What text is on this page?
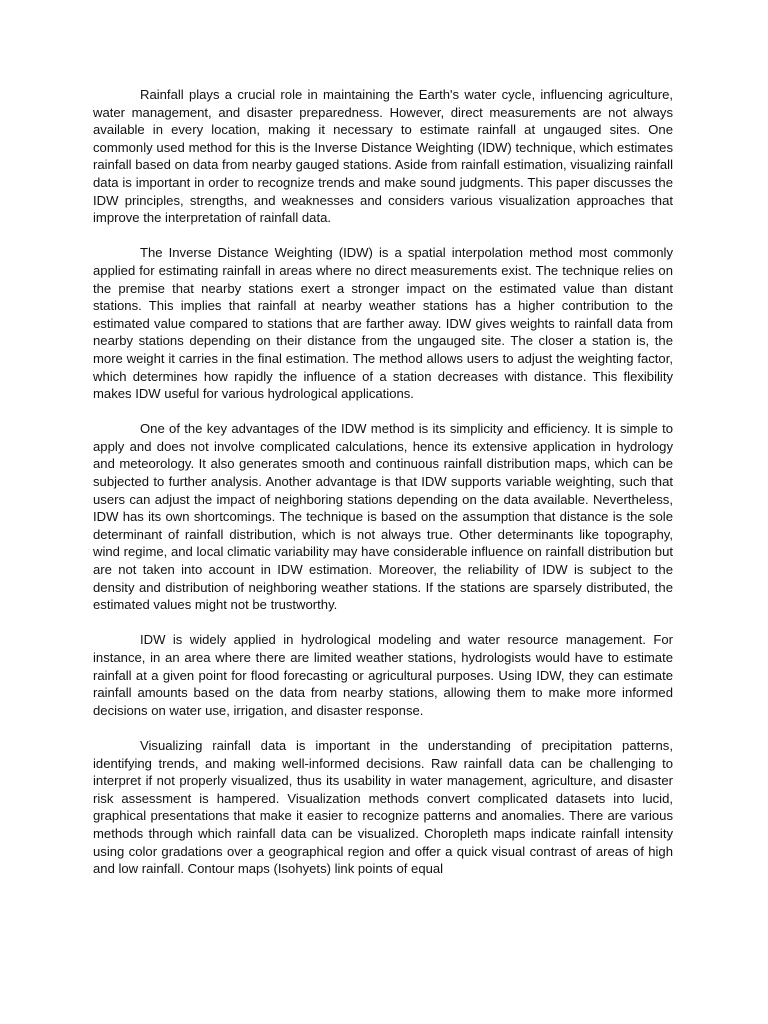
Rainfall plays a crucial role in maintaining the Earth's water cycle, influencing agriculture, water management, and disaster preparedness. However, direct measurements are not always available in every location, making it necessary to estimate rainfall at ungauged sites. One commonly used method for this is the Inverse Distance Weighting (IDW) technique, which estimates rainfall based on data from nearby gauged stations. Aside from rainfall estimation, visualizing rainfall data is important in order to recognize trends and make sound judgments. This paper discusses the IDW principles, strengths, and weaknesses and considers various visualization approaches that improve the interpretation of rainfall data.

The Inverse Distance Weighting (IDW) is a spatial interpolation method most commonly applied for estimating rainfall in areas where no direct measurements exist. The technique relies on the premise that nearby stations exert a stronger impact on the estimated value than distant stations. This implies that rainfall at nearby weather stations has a higher contribution to the estimated value compared to stations that are farther away. IDW gives weights to rainfall data from nearby stations depending on their distance from the ungauged site. The closer a station is, the more weight it carries in the final estimation. The method allows users to adjust the weighting factor, which determines how rapidly the influence of a station decreases with distance. This flexibility makes IDW useful for various hydrological applications.

One of the key advantages of the IDW method is its simplicity and efficiency. It is simple to apply and does not involve complicated calculations, hence its extensive application in hydrology and meteorology. It also generates smooth and continuous rainfall distribution maps, which can be subjected to further analysis. Another advantage is that IDW supports variable weighting, such that users can adjust the impact of neighboring stations depending on the data available. Nevertheless, IDW has its own shortcomings. The technique is based on the assumption that distance is the sole determinant of rainfall distribution, which is not always true. Other determinants like topography, wind regime, and local climatic variability may have considerable influence on rainfall distribution but are not taken into account in IDW estimation. Moreover, the reliability of IDW is subject to the density and distribution of neighboring weather stations. If the stations are sparsely distributed, the estimated values might not be trustworthy.

IDW is widely applied in hydrological modeling and water resource management. For instance, in an area where there are limited weather stations, hydrologists would have to estimate rainfall at a given point for flood forecasting or agricultural purposes. Using IDW, they can estimate rainfall amounts based on the data from nearby stations, allowing them to make more informed decisions on water use, irrigation, and disaster response.

Visualizing rainfall data is important in the understanding of precipitation patterns, identifying trends, and making well-informed decisions. Raw rainfall data can be challenging to interpret if not properly visualized, thus its usability in water management, agriculture, and disaster risk assessment is hampered. Visualization methods convert complicated datasets into lucid, graphical presentations that make it easier to recognize patterns and anomalies. There are various methods through which rainfall data can be visualized. Choropleth maps indicate rainfall intensity using color gradations over a geographical region and offer a quick visual contrast of areas of high and low rainfall. Contour maps (Isohyets) link points of equal
